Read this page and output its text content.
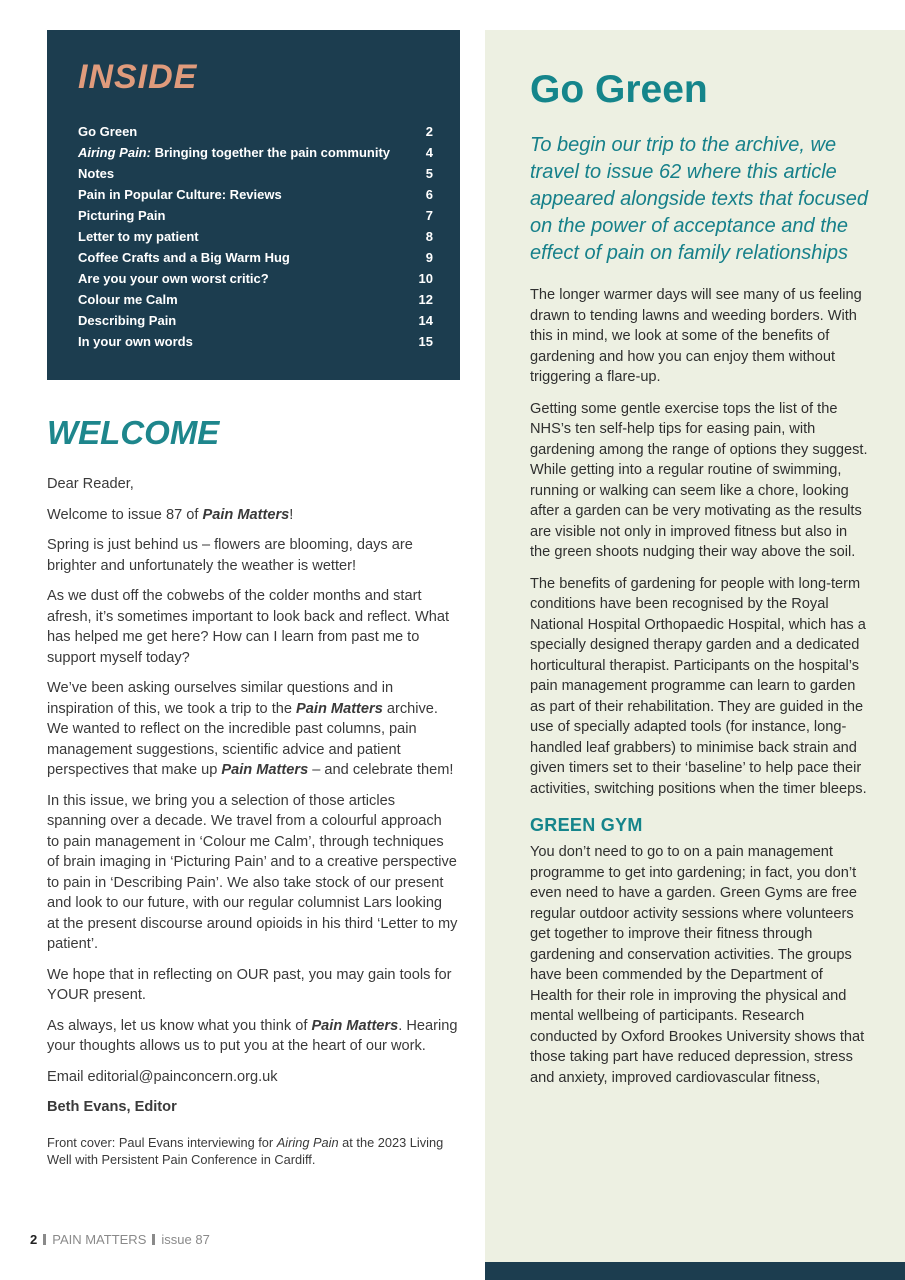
INSIDE
Go Green	2
Airing Pain: Bringing together the pain community	4
Notes	5
Pain in Popular Culture: Reviews	6
Picturing Pain	7
Letter to my patient	8
Coffee Crafts and a Big Warm Hug	9
Are you your own worst critic?	10
Colour me Calm	12
Describing Pain	14
In your own words	15
WELCOME

Dear Reader,

Welcome to issue 87 of Pain Matters!

Spring is just behind us – flowers are blooming, days are brighter and unfortunately the weather is wetter!

As we dust off the cobwebs of the colder months and start afresh, it’s sometimes important to look back and reflect. What has helped me get here? How can I learn from past me to support myself today?

We’ve been asking ourselves similar questions and in inspiration of this, we took a trip to the Pain Matters archive. We wanted to reflect on the incredible past columns, pain management suggestions, scientific advice and patient perspectives that make up Pain Matters – and celebrate them!

In this issue, we bring you a selection of those articles spanning over a decade. We travel from a colourful approach to pain management in ‘Colour me Calm’, through techniques of brain imaging in ‘Picturing Pain’ and to a creative perspective to pain in ‘Describing Pain’. We also take stock of our present and look to our future, with our regular columnist Lars looking at the present discourse around opioids in his third ‘Letter to my patient’.

We hope that in reflecting on OUR past, you may gain tools for YOUR present.

As always, let us know what you think of Pain Matters. Hearing your thoughts allows us to put you at the heart of our work.

Email editorial@painconcern.org.uk

Beth Evans, Editor

Front cover: Paul Evans interviewing for Airing Pain at the 2023 Living Well with Persistent Pain Conference in Cardiff.

Go Green

To begin our trip to the archive, we travel to issue 62 where this article appeared alongside texts that focused on the power of acceptance and the effect of pain on family relationships

The longer warmer days will see many of us feeling drawn to tending lawns and weeding borders. With this in mind, we look at some of the benefits of gardening and how you can enjoy them without triggering a flare-up.

Getting some gentle exercise tops the list of the NHS’s ten self-help tips for easing pain, with gardening among the range of options they suggest. While getting into a regular routine of swimming, running or walking can seem like a chore, looking after a garden can be very motivating as the results are visible not only in improved fitness but also in the green shoots nudging their way above the soil.

The benefits of gardening for people with long-term conditions have been recognised by the Royal National Hospital Orthopaedic Hospital, which has a specially designed therapy garden and a dedicated horticultural therapist. Participants on the hospital’s pain management programme can learn to garden as part of their rehabilitation. They are guided in the use of specially adapted tools (for instance, long-handled leaf grabbers) to minimise back strain and given timers set to their ‘baseline’ to help pace their activities, switching positions when the timer bleeps.

GREEN GYM

You don’t need to go to on a pain management programme to get into gardening; in fact, you don’t even need to have a garden. Green Gyms are free regular outdoor activity sessions where volunteers get together to improve their fitness through gardening and conservation activities. The groups have been commended by the Department of Health for their role in improving the physical and mental wellbeing of participants. Research conducted by Oxford Brookes University shows that those taking part have reduced depression, stress and anxiety, improved cardiovascular fitness,

2 PAIN MATTERS issue 87
